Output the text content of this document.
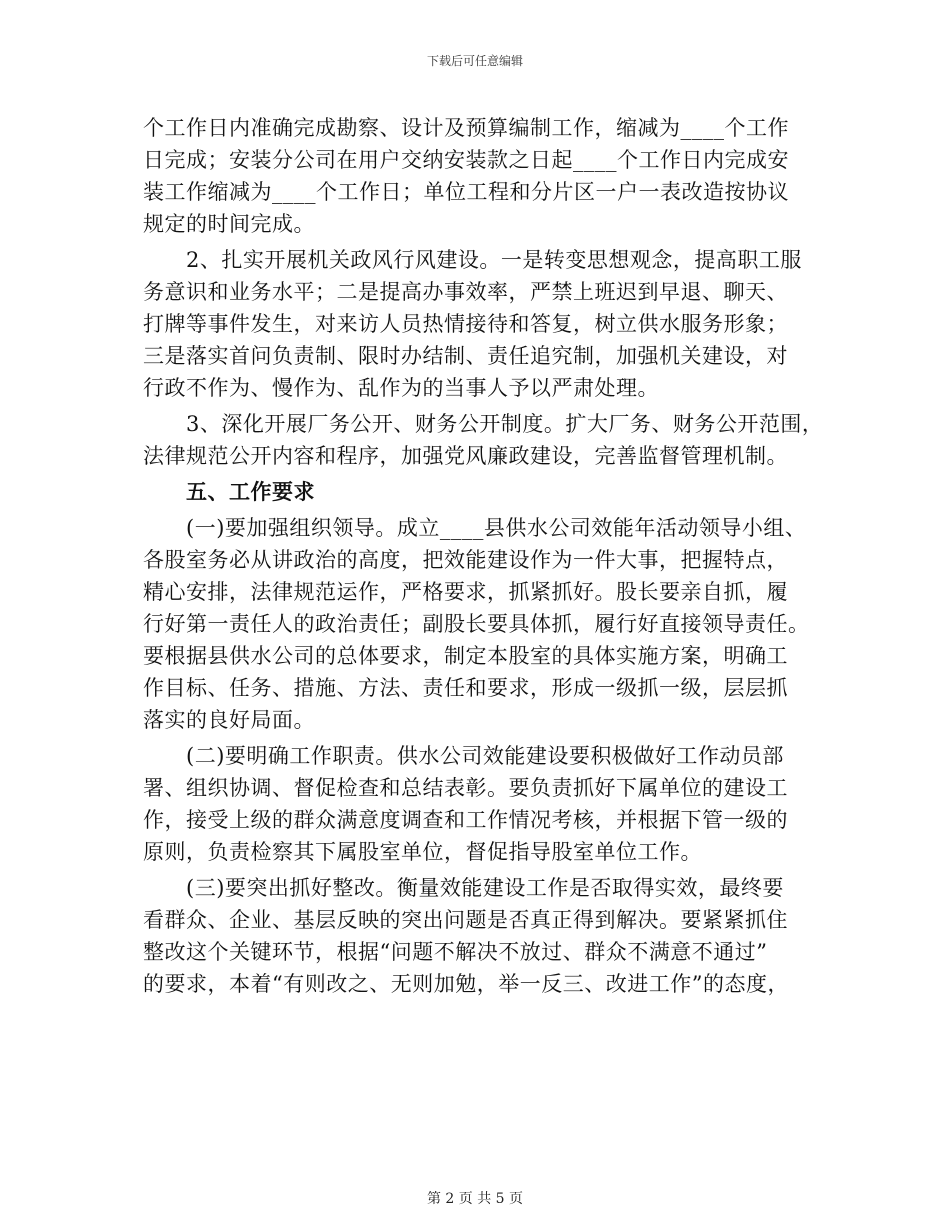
下载后可任意编辑
个工作日内准确完成勘察、设计及预算编制工作，缩减为____个工作
日完成；安装分公司在用户交纳安装款之日起____个工作日内完成安
装工作缩减为____个工作日；单位工程和分片区一户一表改造按协议
规定的时间完成。
2、扎实开展机关政风行风建设。一是转变思想观念，提高职工服
务意识和业务水平；二是提高办事效率，严禁上班迟到早退、聊天、
打牌等事件发生，对来访人员热情接待和答复，树立供水服务形象；
三是落实首问负责制、限时办结制、责任追究制，加强机关建设，对
行政不作为、慢作为、乱作为的当事人予以严肃处理。
3、深化开展厂务公开、财务公开制度。扩大厂务、财务公开范围，
法律规范公开内容和程序，加强党风廉政建设，完善监督管理机制。
五、工作要求
(一)要加强组织领导。成立____县供水公司效能年活动领导小组、
各股室务必从讲政治的高度，把效能建设作为一件大事，把握特点，
精心安排，法律规范运作，严格要求，抓紧抓好。股长要亲自抓，履
行好第一责任人的政治责任；副股长要具体抓，履行好直接领导责任。
要根据县供水公司的总体要求，制定本股室的具体实施方案，明确工
作目标、任务、措施、方法、责任和要求，形成一级抓一级，层层抓
落实的良好局面。
(二)要明确工作职责。供水公司效能建设要积极做好工作动员部
署、组织协调、督促检查和总结表彰。要负责抓好下属单位的建设工
作，接受上级的群众满意度调查和工作情况考核，并根据下管一级的
原则，负责检察其下属股室单位，督促指导股室单位工作。
(三)要突出抓好整改。衡量效能建设工作是否取得实效，最终要
看群众、企业、基层反映的突出问题是否真正得到解决。要紧紧抓住
整改这个关键环节，根据“问题不解决不放过、群众不满意不通过”
的要求，本着“有则改之、无则加勉，举一反三、改进工作”的态度，
第 2 页 共 5 页
